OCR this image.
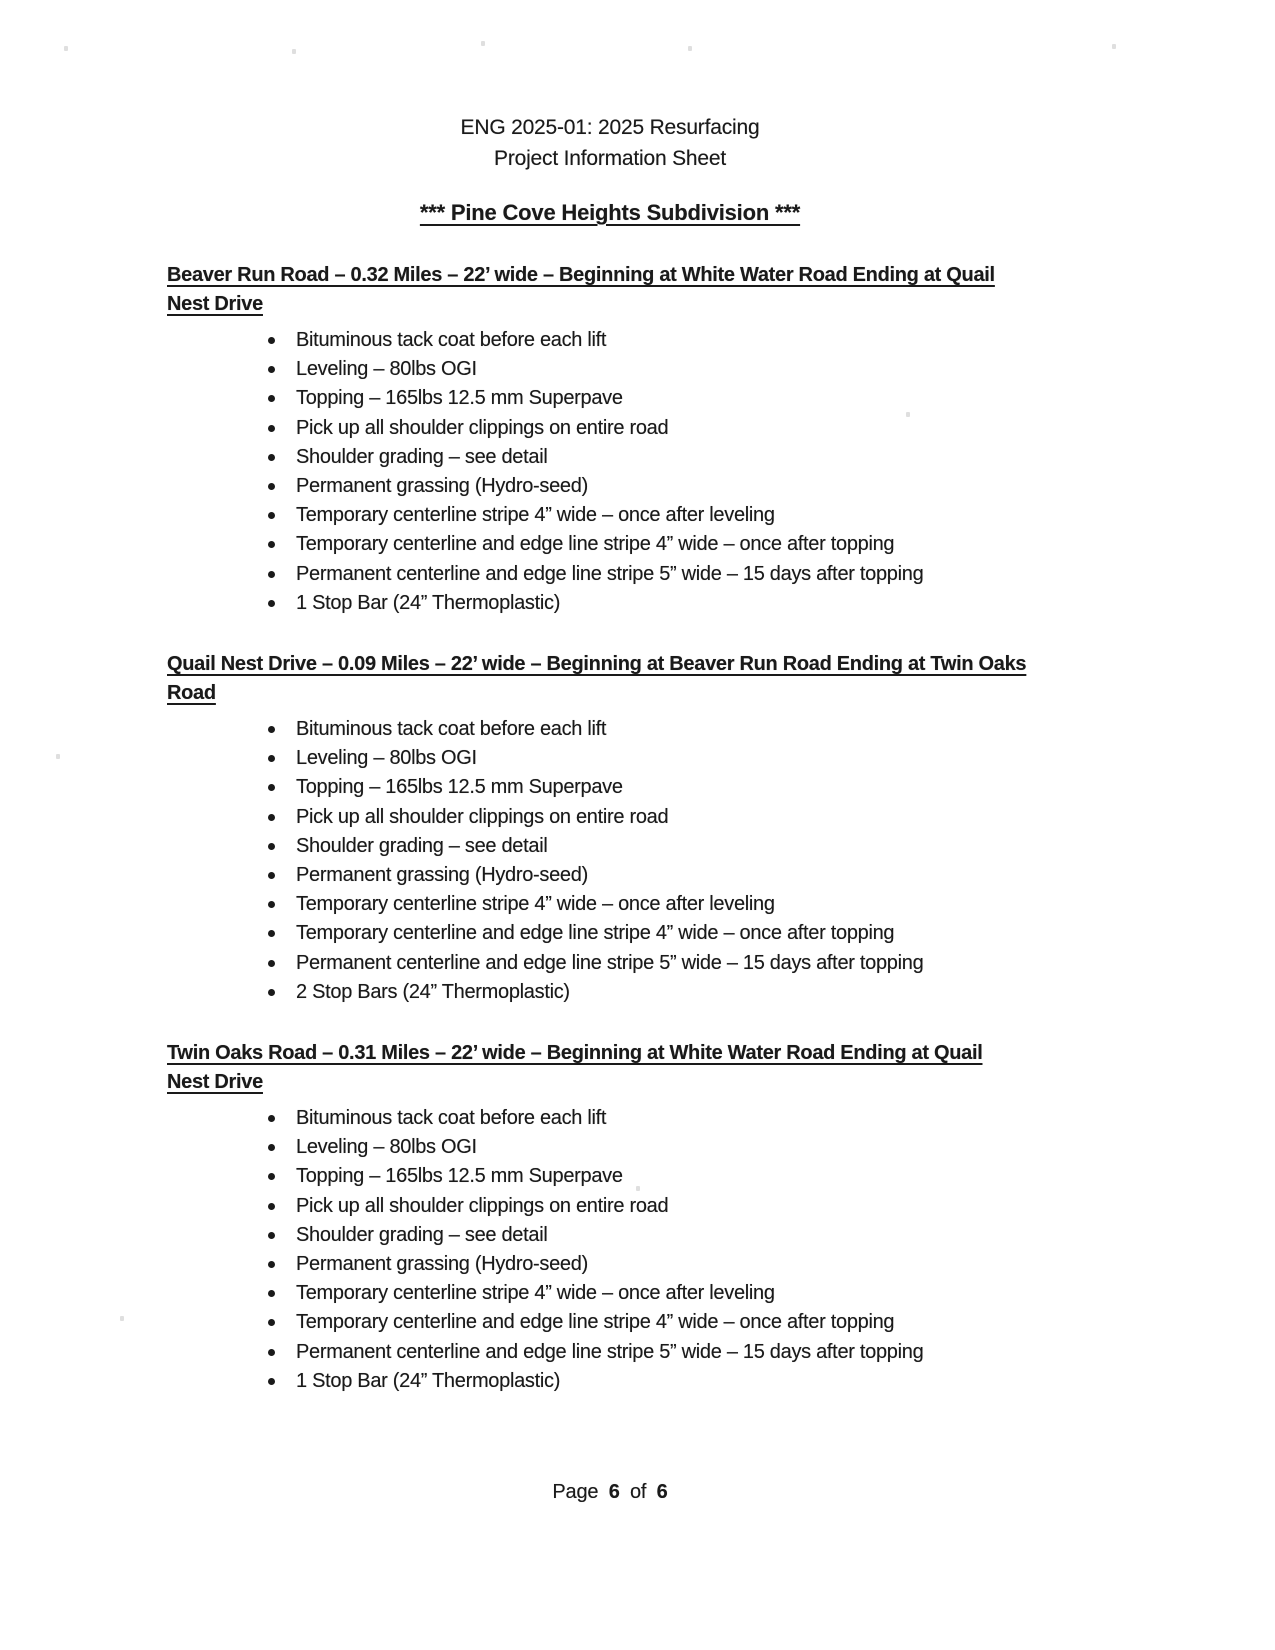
ENG 2025-01: 2025 Resurfacing
Project Information Sheet
*** Pine Cove Heights Subdivision ***
Beaver Run Road – 0.32 Miles – 22’ wide – Beginning at White Water Road Ending at Quail
Nest Drive
Bituminous tack coat before each lift
Leveling – 80lbs OGI
Topping – 165lbs 12.5 mm Superpave
Pick up all shoulder clippings on entire road
Shoulder grading – see detail
Permanent grassing (Hydro-seed)
Temporary centerline stripe 4” wide – once after leveling
Temporary centerline and edge line stripe 4” wide – once after topping
Permanent centerline and edge line stripe 5” wide – 15 days after topping
1 Stop Bar (24” Thermoplastic)
Quail Nest Drive – 0.09 Miles – 22’ wide – Beginning at Beaver Run Road Ending at Twin Oaks
Road
Bituminous tack coat before each lift
Leveling – 80lbs OGI
Topping – 165lbs 12.5 mm Superpave
Pick up all shoulder clippings on entire road
Shoulder grading – see detail
Permanent grassing (Hydro-seed)
Temporary centerline stripe 4” wide – once after leveling
Temporary centerline and edge line stripe 4” wide – once after topping
Permanent centerline and edge line stripe 5” wide – 15 days after topping
2 Stop Bars (24” Thermoplastic)
Twin Oaks Road – 0.31 Miles – 22’ wide – Beginning at White Water Road Ending at Quail
Nest Drive
Bituminous tack coat before each lift
Leveling – 80lbs OGI
Topping – 165lbs 12.5 mm Superpave
Pick up all shoulder clippings on entire road
Shoulder grading – see detail
Permanent grassing (Hydro-seed)
Temporary centerline stripe 4” wide – once after leveling
Temporary centerline and edge line stripe 4” wide – once after topping
Permanent centerline and edge line stripe 5” wide – 15 days after topping
1 Stop Bar (24” Thermoplastic)
Page 6 of 6
